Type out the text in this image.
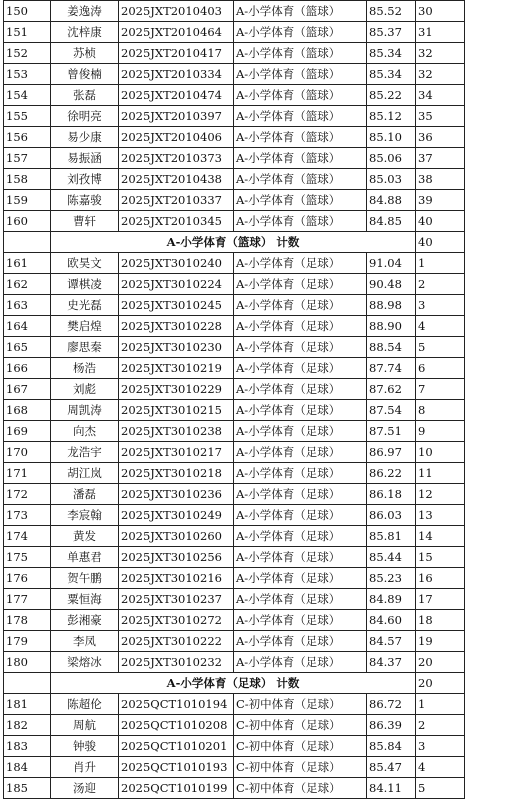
150	姜逸涛	2025JXT2010403	A-小学体育（篮球）	85.52	30
151	沈梓康	2025JXT2010464	A-小学体育（篮球）	85.37	31
152	苏桢	2025JXT2010417	A-小学体育（篮球）	85.34	32
153	曾俊楠	2025JXT2010334	A-小学体育（篮球）	85.34	32
154	张磊	2025JXT2010474	A-小学体育（篮球）	85.22	34
155	徐明亮	2025JXT2010397	A-小学体育（篮球）	85.12	35
156	易少康	2025JXT2010406	A-小学体育（篮球）	85.10	36
157	易振涵	2025JXT2010373	A-小学体育（篮球）	85.06	37
158	刘孜博	2025JXT2010438	A-小学体育（篮球）	85.03	38
159	陈嘉骏	2025JXT2010337	A-小学体育（篮球）	84.88	39
160	曹轩	2025JXT2010345	A-小学体育（篮球）	84.85	40
	A-小学体育（篮球） 计数				40
161	欧昊文	2025JXT3010240	A-小学体育（足球）	91.04	1
162	谭棋凌	2025JXT3010224	A-小学体育（足球）	90.48	2
163	史光磊	2025JXT3010245	A-小学体育（足球）	88.98	3
164	樊启煌	2025JXT3010228	A-小学体育（足球）	88.90	4
165	廖思秦	2025JXT3010230	A-小学体育（足球）	88.54	5
166	杨浩	2025JXT3010219	A-小学体育（足球）	87.74	6
167	刘彪	2025JXT3010229	A-小学体育（足球）	87.62	7
168	周凯涛	2025JXT3010215	A-小学体育（足球）	87.54	8
169	向杰	2025JXT3010238	A-小学体育（足球）	87.51	9
170	龙浩宇	2025JXT3010217	A-小学体育（足球）	86.97	10
171	胡江岚	2025JXT3010218	A-小学体育（足球）	86.22	11
172	潘磊	2025JXT3010236	A-小学体育（足球）	86.18	12
173	李宸翰	2025JXT3010249	A-小学体育（足球）	86.03	13
174	黄发	2025JXT3010260	A-小学体育（足球）	85.81	14
175	单惠君	2025JXT3010256	A-小学体育（足球）	85.44	15
176	贺午鹏	2025JXT3010216	A-小学体育（足球）	85.23	16
177	粟恒海	2025JXT3010237	A-小学体育（足球）	84.89	17
178	彭湘豪	2025JXT3010272	A-小学体育（足球）	84.60	18
179	李凤	2025JXT3010222	A-小学体育（足球）	84.57	19
180	梁熔冰	2025JXT3010232	A-小学体育（足球）	84.37	20
	A-小学体育（足球） 计数				20
181	陈超伦	2025QCT1010194	C-初中体育（足球）	86.72	1
182	周航	2025QCT1010208	C-初中体育（足球）	86.39	2
183	钟骏	2025QCT1010201	C-初中体育（足球）	85.84	3
184	肖升	2025QCT1010193	C-初中体育（足球）	85.47	4
185	汤迎	2025QCT1010199	C-初中体育（足球）	84.11	5
